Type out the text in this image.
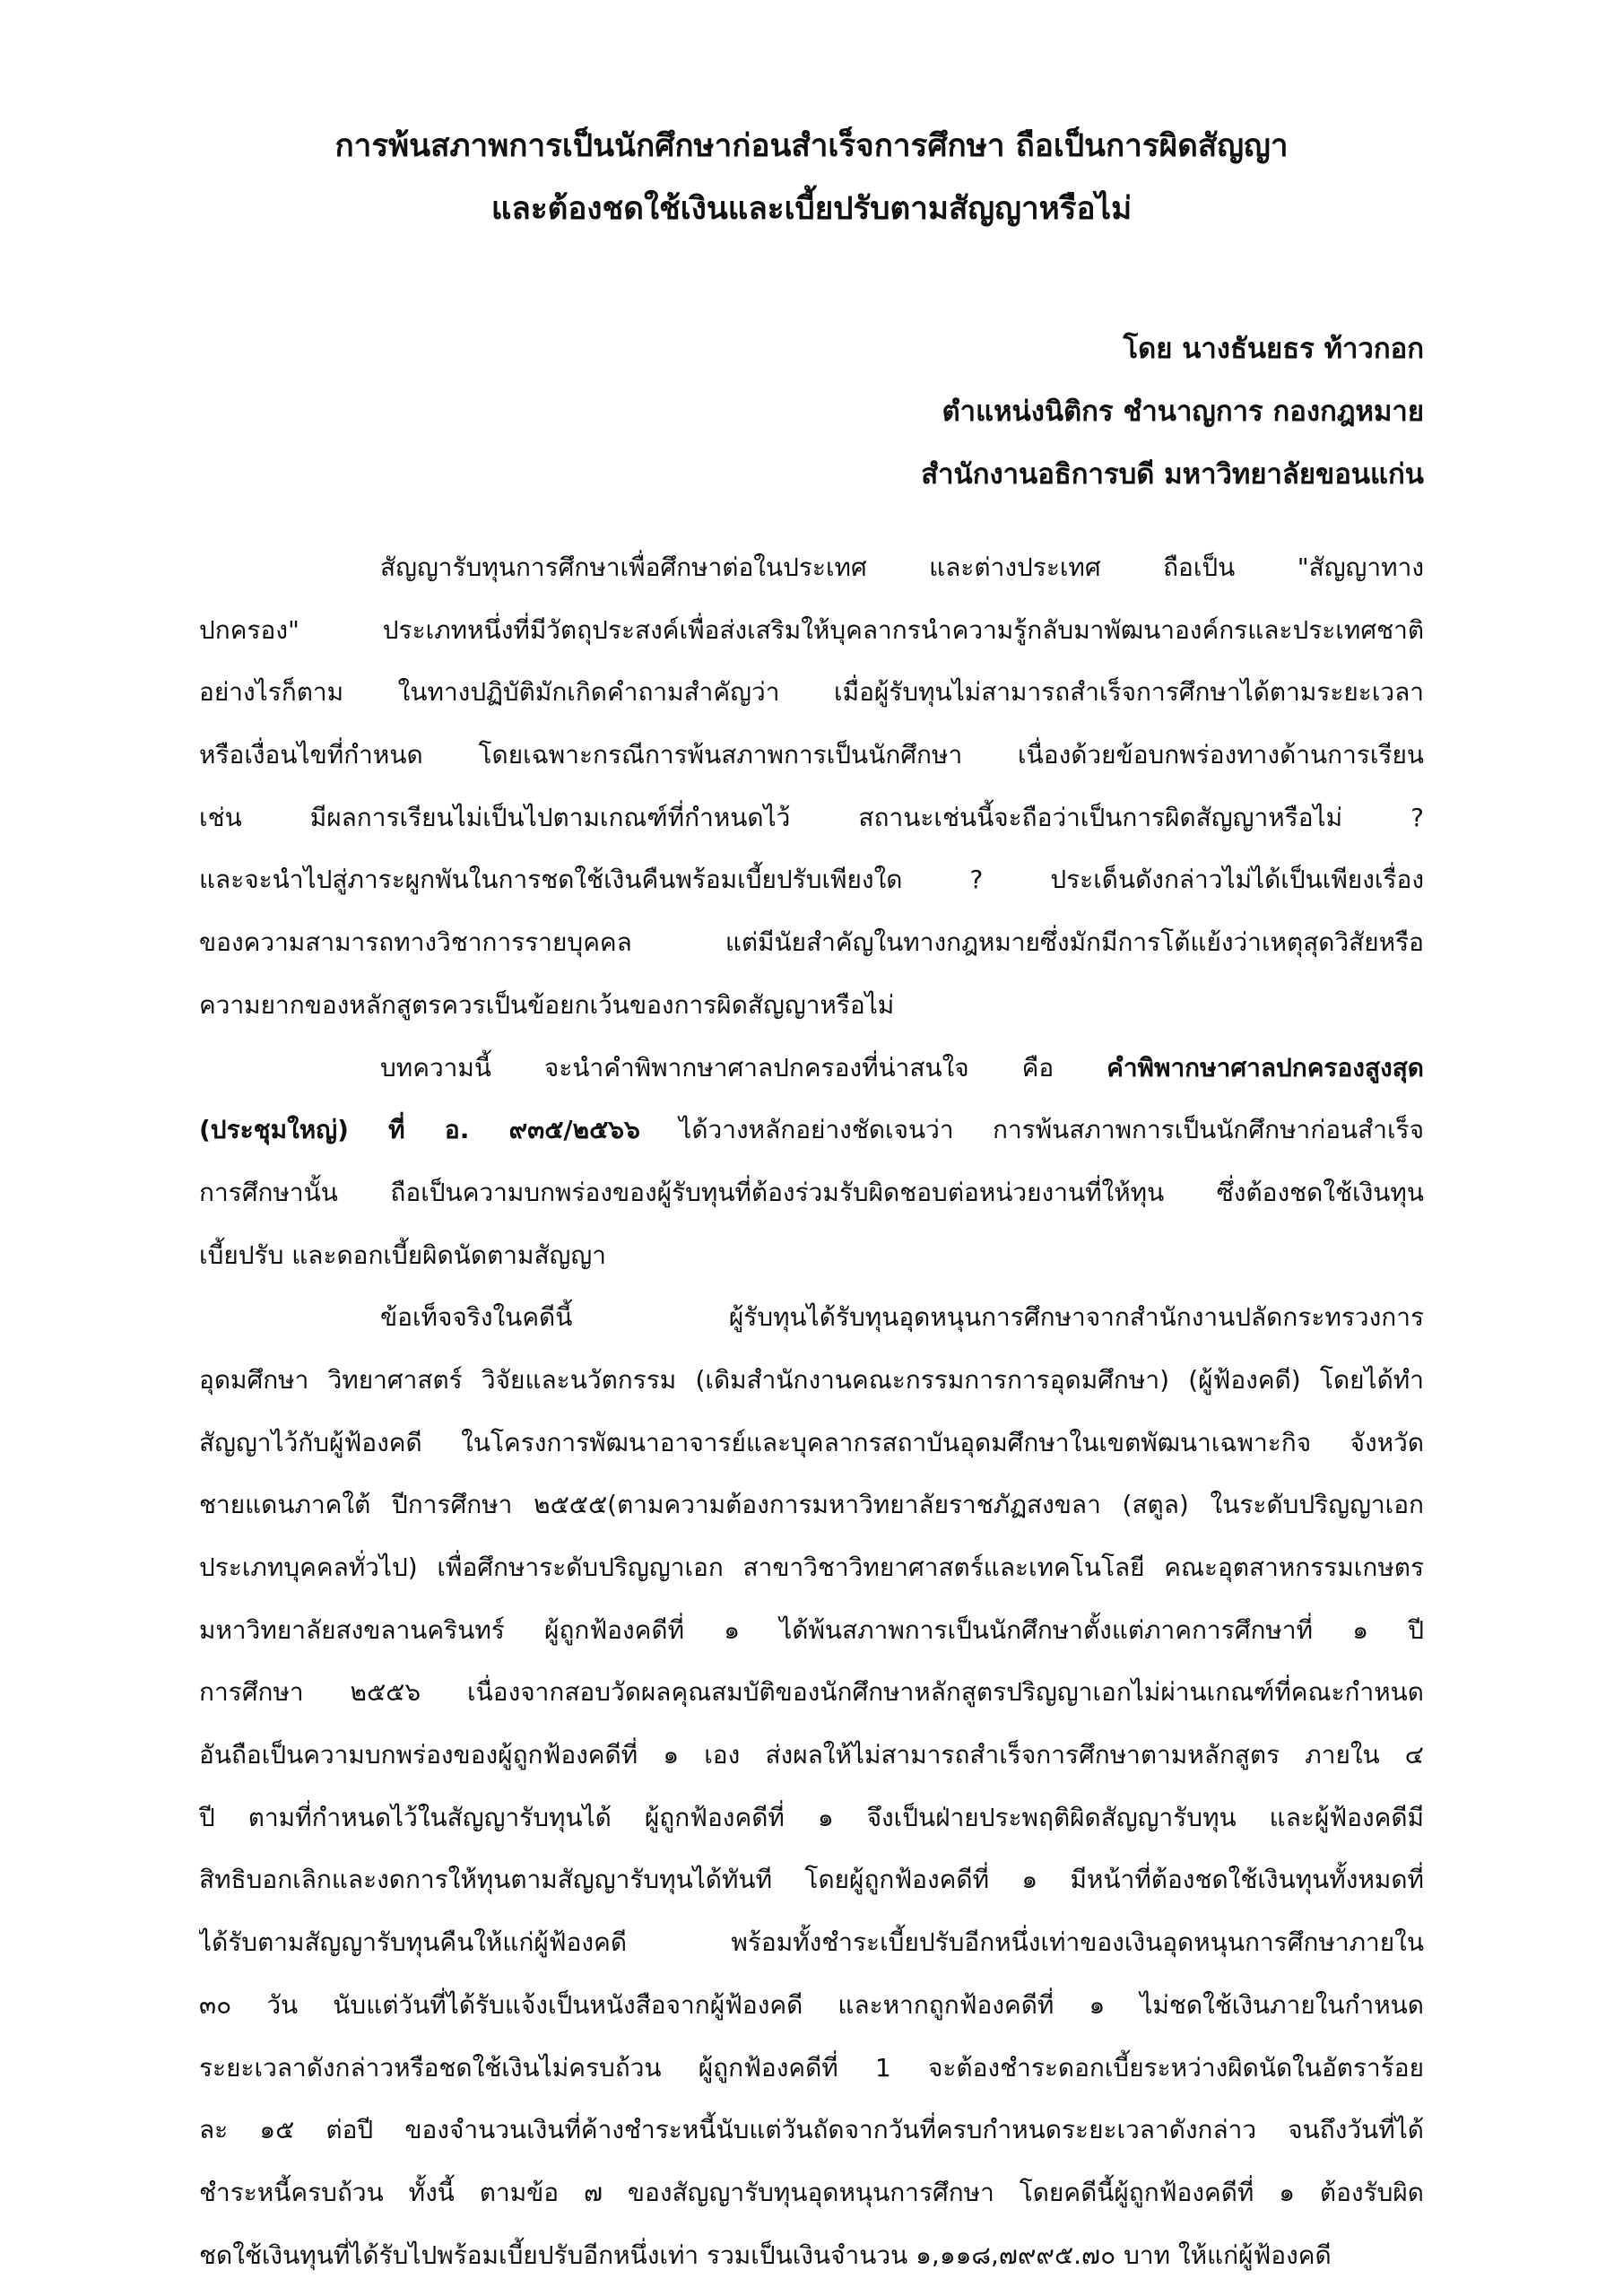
การพ้นสภาพการเป็นนักศึกษาก่อนสำเร็จการศึกษา ถือเป็นการผิดสัญญา
และต้องชดใช้เงินและเบี้ยปรับตามสัญญาหรือไม่
โดย นางธันยธร ท้าวกอก
ตำแหน่งนิติกร ชำนาญการ กองกฎหมาย
สำนักงานอธิการบดี มหาวิทยาลัยขอนแก่น
สัญญารับทุนการศึกษาเพื่อศึกษาต่อในประเทศ และต่างประเทศ ถือเป็น "สัญญาทาง
ปกครอง" ประเภทหนึ่งที่มีวัตถุประสงค์เพื่อส่งเสริมให้บุคลากรนำความรู้กลับมาพัฒนาองค์กรและประเทศชาติ
อย่างไรก็ตาม ในทางปฏิบัติมักเกิดคำถามสำคัญว่า เมื่อผู้รับทุนไม่สามารถสำเร็จการศึกษาได้ตามระยะเวลา
หรือเงื่อนไขที่กำหนด โดยเฉพาะกรณีการพ้นสภาพการเป็นนักศึกษา เนื่องด้วยข้อบกพร่องทางด้านการเรียน
เช่น มีผลการเรียนไม่เป็นไปตามเกณฑ์ที่กำหนดไว้ สถานะเช่นนี้จะถือว่าเป็นการผิดสัญญาหรือไม่ ?
และจะนำไปสู่ภาระผูกพันในการชดใช้เงินคืนพร้อมเบี้ยปรับเพียงใด ? ประเด็นดังกล่าวไม่ได้เป็นเพียงเรื่อง
ของความสามารถทางวิชาการรายบุคคล แต่มีนัยสำคัญในทางกฎหมายซึ่งมักมีการโต้แย้งว่าเหตุสุดวิสัยหรือ
ความยากของหลักสูตรควรเป็นข้อยกเว้นของการผิดสัญญาหรือไม่
บทความนี้ จะนำคำพิพากษาศาลปกครองที่น่าสนใจ คือ คำพิพากษาศาลปกครองสูงสุด
(ประชุมใหญ่) ที่ อ. ๙๓๕/๒๕๖๖ ได้วางหลักอย่างชัดเจนว่า การพ้นสภาพการเป็นนักศึกษาก่อนสำเร็จ
การศึกษานั้น ถือเป็นความบกพร่องของผู้รับทุนที่ต้องร่วมรับผิดชอบต่อหน่วยงานที่ให้ทุน ซึ่งต้องชดใช้เงินทุน
เบี้ยปรับ และดอกเบี้ยผิดนัดตามสัญญา
ข้อเท็จจริงในคดีนี้ ผู้รับทุนได้รับทุนอุดหนุนการศึกษาจากสำนักงานปลัดกระทรวงการ
อุดมศึกษา วิทยาศาสตร์ วิจัยและนวัตกรรม (เดิมสำนักงานคณะกรรมการการอุดมศึกษา) (ผู้ฟ้องคดี) โดยได้ทำ
สัญญาไว้กับผู้ฟ้องคดี ในโครงการพัฒนาอาจารย์และบุคลากรสถาบันอุดมศึกษาในเขตพัฒนาเฉพาะกิจ จังหวัด
ชายแดนภาคใต้ ปีการศึกษา ๒๕๕๕(ตามความต้องการมหาวิทยาลัยราชภัฏสงขลา (สตูล) ในระดับปริญญาเอก
ประเภทบุคคลทั่วไป) เพื่อศึกษาระดับปริญญาเอก สาขาวิชาวิทยาศาสตร์และเทคโนโลยี คณะอุตสาหกรรมเกษตร
มหาวิทยาลัยสงขลานครินทร์ ผู้ถูกฟ้องคดีที่ ๑ ได้พ้นสภาพการเป็นนักศึกษาตั้งแต่ภาคการศึกษาที่ ๑ ปี
การศึกษา ๒๕๕๖ เนื่องจากสอบวัดผลคุณสมบัติของนักศึกษาหลักสูตรปริญญาเอกไม่ผ่านเกณฑ์ที่คณะกำหนด
อันถือเป็นความบกพร่องของผู้ถูกฟ้องคดีที่ ๑ เอง ส่งผลให้ไม่สามารถสำเร็จการศึกษาตามหลักสูตร ภายใน ๔
ปี ตามที่กำหนดไว้ในสัญญารับทุนได้ ผู้ถูกฟ้องคดีที่ ๑ จึงเป็นฝ่ายประพฤติผิดสัญญารับทุน และผู้ฟ้องคดีมี
สิทธิบอกเลิกและงดการให้ทุนตามสัญญารับทุนได้ทันที โดยผู้ถูกฟ้องคดีที่ ๑ มีหน้าที่ต้องชดใช้เงินทุนทั้งหมดที่
ได้รับตามสัญญารับทุนคืนให้แก่ผู้ฟ้องคดี พร้อมทั้งชำระเบี้ยปรับอีกหนึ่งเท่าของเงินอุดหนุนการศึกษาภายใน
๓๐ วัน นับแต่วันที่ได้รับแจ้งเป็นหนังสือจากผู้ฟ้องคดี และหากถูกฟ้องคดีที่ ๑ ไม่ชดใช้เงินภายในกำหนด
ระยะเวลาดังกล่าวหรือชดใช้เงินไม่ครบถ้วน ผู้ถูกฟ้องคดีที่ 1 จะต้องชำระดอกเบี้ยระหว่างผิดนัดในอัตราร้อย
ละ ๑๕ ต่อปี ของจำนวนเงินที่ค้างชำระหนี้นับแต่วันถัดจากวันที่ครบกำหนดระยะเวลาดังกล่าว จนถึงวันที่ได้
ชำระหนี้ครบถ้วน ทั้งนี้ ตามข้อ ๗ ของสัญญารับทุนอุดหนุนการศึกษา โดยคดีนี้ผู้ถูกฟ้องคดีที่ ๑ ต้องรับผิด
ชดใช้เงินทุนที่ได้รับไปพร้อมเบี้ยปรับอีกหนึ่งเท่า รวมเป็นเงินจำนวน ๑,๑๑๘,๗๙๙๕.๗๐ บาท ให้แก่ผู้ฟ้องคดี
